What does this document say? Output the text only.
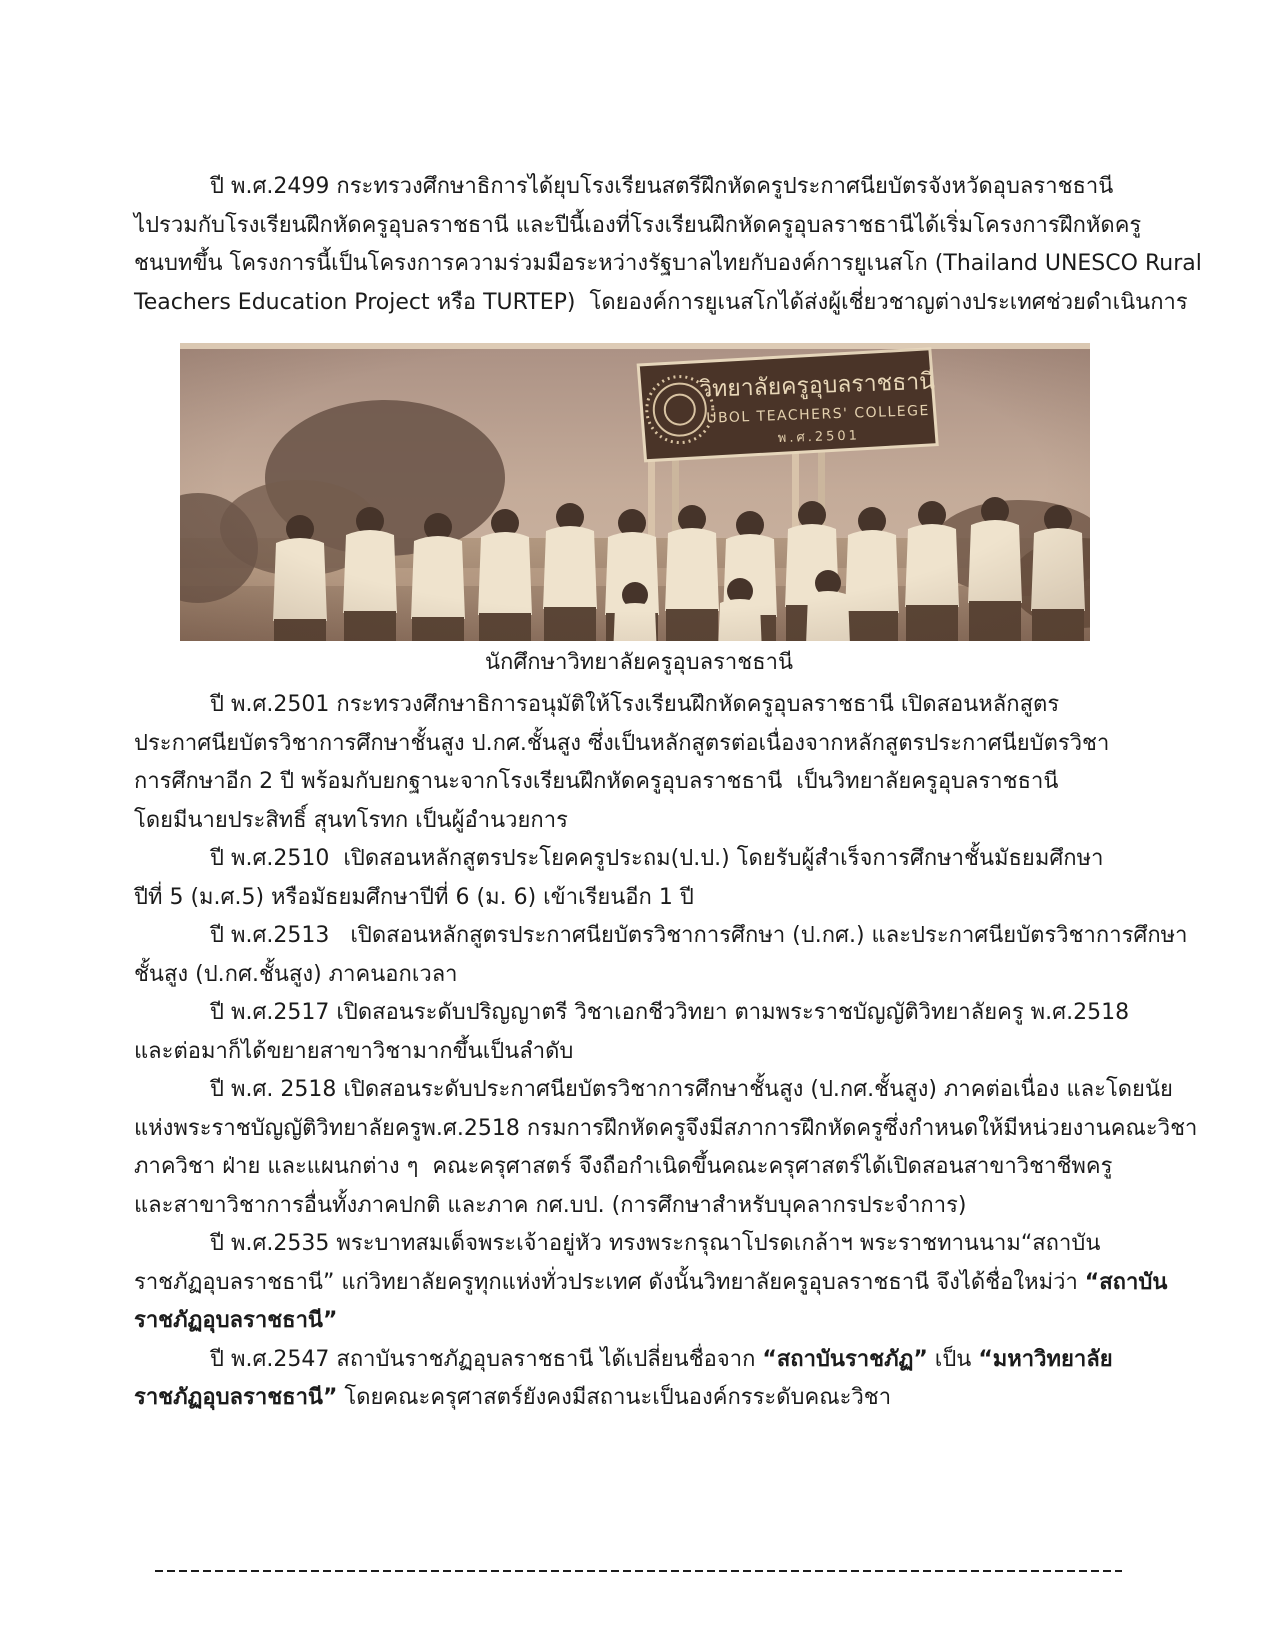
ปี พ.ศ.2499 กระทรวงศึกษาธิการได้ยุบโรงเรียนสตรีฝึกหัดครูประกาศนียบัตรจังหวัดอุบลราชธานี
ไปรวมกับโรงเรียนฝึกหัดครูอุบลราชธานี และปีนี้เองที่โรงเรียนฝึกหัดครูอุบลราชธานีได้เริ่มโครงการฝึกหัดครู
ชนบทขึ้น โครงการนี้เป็นโครงการความร่วมมือระหว่างรัฐบาลไทยกับองค์การยูเนสโก (Thailand UNESCO Rural
Teachers Education Project หรือ TURTEP)  โดยองค์การยูเนสโกได้ส่งผู้เชี่ยวชาญต่างประเทศช่วยดำเนินการ
นักศึกษาวิทยาลัยครูอุบลราชธานี
ปี พ.ศ.2501 กระทรวงศึกษาธิการอนุมัติให้โรงเรียนฝึกหัดครูอุบลราชธานี เปิดสอนหลักสูตร
ประกาศนียบัตรวิชาการศึกษาชั้นสูง ป.กศ.ชั้นสูง ซึ่งเป็นหลักสูตรต่อเนื่องจากหลักสูตรประกาศนียบัตรวิชา
การศึกษาอีก 2 ปี พร้อมกับยกฐานะจากโรงเรียนฝึกหัดครูอุบลราชธานี  เป็นวิทยาลัยครูอุบลราชธานี
โดยมีนายประสิทธิ์ สุนทโรทก เป็นผู้อำนวยการ
ปี พ.ศ.2510  เปิดสอนหลักสูตรประโยคครูประถม(ป.ป.) โดยรับผู้สำเร็จการศึกษาชั้นมัธยมศึกษา
ปีที่ 5 (ม.ศ.5) หรือมัธยมศึกษาปีที่ 6 (ม. 6) เข้าเรียนอีก 1 ปี
ปี พ.ศ.2513   เปิดสอนหลักสูตรประกาศนียบัตรวิชาการศึกษา (ป.กศ.) และประกาศนียบัตรวิชาการศึกษา
ชั้นสูง (ป.กศ.ชั้นสูง) ภาคนอกเวลา
ปี พ.ศ.2517 เปิดสอนระดับปริญญาตรี วิชาเอกชีววิทยา ตามพระราชบัญญัติวิทยาลัยครู พ.ศ.2518
และต่อมาก็ได้ขยายสาขาวิชามากขึ้นเป็นลำดับ
ปี พ.ศ. 2518 เปิดสอนระดับประกาศนียบัตรวิชาการศึกษาชั้นสูง (ป.กศ.ชั้นสูง) ภาคต่อเนื่อง และโดยนัย
แห่งพระราชบัญญัติวิทยาลัยครูพ.ศ.2518 กรมการฝึกหัดครูจึงมีสภาการฝึกหัดครูซึ่งกำหนดให้มีหน่วยงานคณะวิชา
ภาควิชา ฝ่าย และแผนกต่าง ๆ  คณะครุศาสตร์ จึงถือกำเนิดขึ้นคณะครุศาสตร์ได้เปิดสอนสาขาวิชาชีพครู
และสาขาวิชาการอื่นทั้งภาคปกติ และภาค กศ.บป. (การศึกษาสำหรับบุคลากรประจำการ)
ปี พ.ศ.2535 พระบาทสมเด็จพระเจ้าอยู่หัว ทรงพระกรุณาโปรดเกล้าฯ พระราชทานนาม“สถาบัน
ราชภัฏอุบลราชธานี” แก่วิทยาลัยครูทุกแห่งทั่วประเทศ ดังนั้นวิทยาลัยครูอุบลราชธานี จึงได้ชื่อใหม่ว่า “สถาบัน
ราชภัฏอุบลราชธานี”
ปี พ.ศ.2547 สถาบันราชภัฏอุบลราชธานี ได้เปลี่ยนชื่อจาก “สถาบันราชภัฏ” เป็น “มหาวิทยาลัย
ราชภัฏอุบลราชธานี” โดยคณะครุศาสตร์ยังคงมีสถานะเป็นองค์กรระดับคณะวิชา
